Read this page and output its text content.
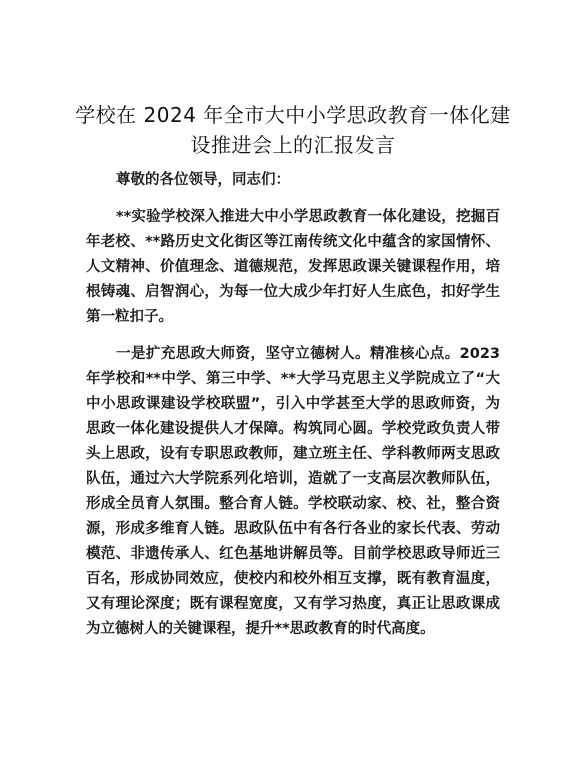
学校在 2024 年全市大中小学思政教育一体化建设推进会上的汇报发言

尊敬的各位领导，同志们：

**实验学校深入推进大中小学思政教育一体化建设，挖掘百年老校、**路历史文化街区等江南传统文化中蕴含的家国情怀、人文精神、价值理念、道德规范，发挥思政课关键课程作用，培根铸魂、启智润心，为每一位大成少年打好人生底色，扣好学生第一粒扣子。

一是扩充思政大师资，坚守立德树人。精准核心点。2023年学校和**中学、第三中学、**大学马克思主义学院成立了“大中小思政课建设学校联盟”，引入中学甚至大学的思政师资，为思政一体化建设提供人才保障。构筑同心圆。学校党政负责人带头上思政，设有专职思政教师，建立班主任、学科教师两支思政队伍，通过六大学院系列化培训，造就了一支高层次教师队伍，形成全员育人氛围。整合育人链。学校联动家、校、社，整合资源，形成多维育人链。思政队伍中有各行各业的家长代表、劳动模范、非遗传承人、红色基地讲解员等。目前学校思政导师近三百名，形成协同效应，使校内和校外相互支撑，既有教育温度，又有理论深度；既有课程宽度，又有学习热度，真正让思政课成为立德树人的关键课程，提升**思政教育的时代高度。
